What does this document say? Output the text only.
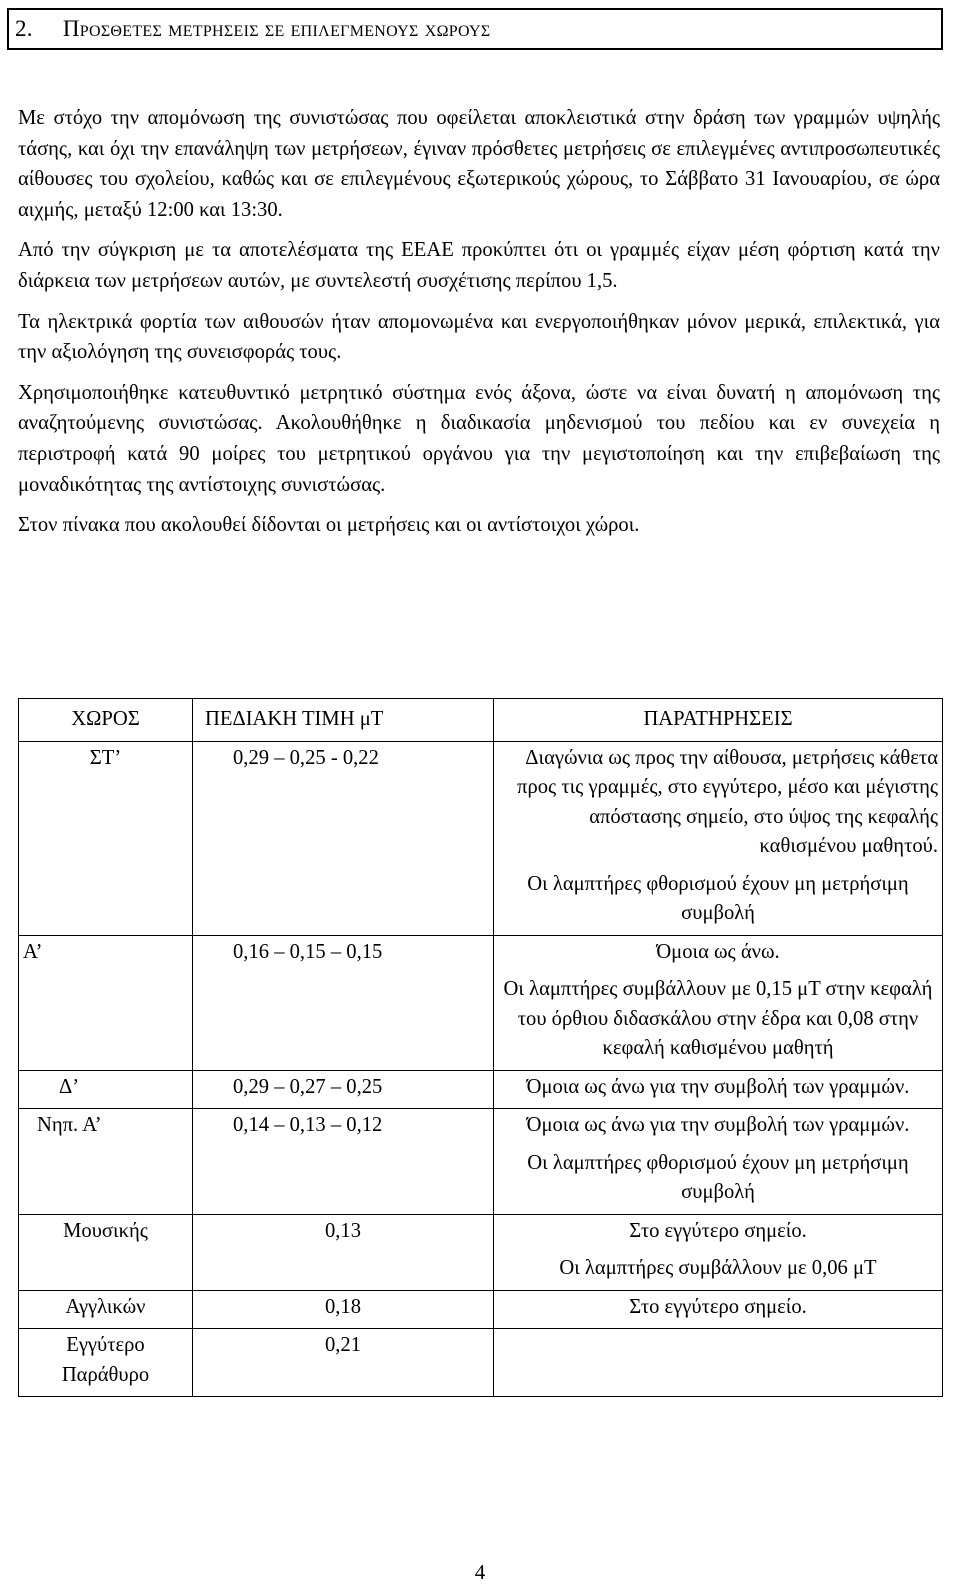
2. Προσθετες μετρησεις σε επιλεγμενους χωρους

Με στόχο την απομόνωση της συνιστώσας που οφείλεται αποκλειστικά στην δράση των γραμμών υψηλής τάσης, και όχι την επανάληψη των μετρήσεων, έγιναν πρόσθετες μετρήσεις σε επιλεγμένες αντιπροσωπευτικές αίθουσες του σχολείου, καθώς και σε επιλεγμένους εξωτερικούς χώρους, το Σάββατο 31 Ιανουαρίου, σε ώρα αιχμής, μεταξύ 12:00 και 13:30.

Από την σύγκριση με τα αποτελέσματα της ΕΕΑΕ προκύπτει ότι οι γραμμές είχαν μέση φόρτιση κατά την διάρκεια των μετρήσεων αυτών, με συντελεστή συσχέτισης περίπου 1,5.

Τα ηλεκτρικά φορτία των αιθουσών ήταν απομονωμένα και ενεργοποιήθηκαν μόνον μερικά, επιλεκτικά, για την αξιολόγηση της συνεισφοράς τους.

Χρησιμοποιήθηκε κατευθυντικό μετρητικό σύστημα ενός άξονα, ώστε να είναι δυνατή η απομόνωση της αναζητούμενης συνιστώσας. Ακολουθήθηκε η διαδικασία μηδενισμού του πεδίου και εν συνεχεία η περιστροφή κατά 90 μοίρες του μετρητικού οργάνου για την μεγιστοποίηση και την επιβεβαίωση της μοναδικότητας της αντίστοιχης συνιστώσας.

Στον πίνακα που ακολουθεί δίδονται οι μετρήσεις και οι αντίστοιχοι χώροι.

ΧΩΡΟΣ	ΠΕΔΙΑΚΗ ΤΙΜΗ μT	ΠΑΡΑΤΗΡΗΣΕΙΣ
ΣΤ’	0,29 – 0,25 - 0,22	Διαγώνια ως προς την αίθουσα, μετρήσεις κάθετα προς τις γραμμές, στο εγγύτερο, μέσο και μέγιστης απόστασης σημείο, στο ύψος της κεφαλής καθισμένου μαθητού.
Οι λαμπτήρες φθορισμού έχουν μη μετρήσιμη συμβολή

Α’	0,16 – 0,15 – 0,15	Όμοια ως άνω.
Οι λαμπτήρες συμβάλλουν με 0,15 μT στην κεφαλή του όρθιου διδασκάλου στην έδρα και 0,08 στην κεφαλή καθισμένου μαθητή

Δ’	0,29 – 0,27 – 0,25	Όμοια ως άνω για την συμβολή των γραμμών.

Νηπ. Α’	0,14 – 0,13 – 0,12	Όμοια ως άνω για την συμβολή των γραμμών.
Οι λαμπτήρες φθορισμού έχουν μη μετρήσιμη συμβολή

Μουσικής	0,13	Στο εγγύτερο σημείο.
Οι λαμπτήρες συμβάλλουν με 0,06 μT

Αγγλικών	0,18	Στο εγγύτερο σημείο.

Εγγύτερο Παράθυρο	0,21	
4
